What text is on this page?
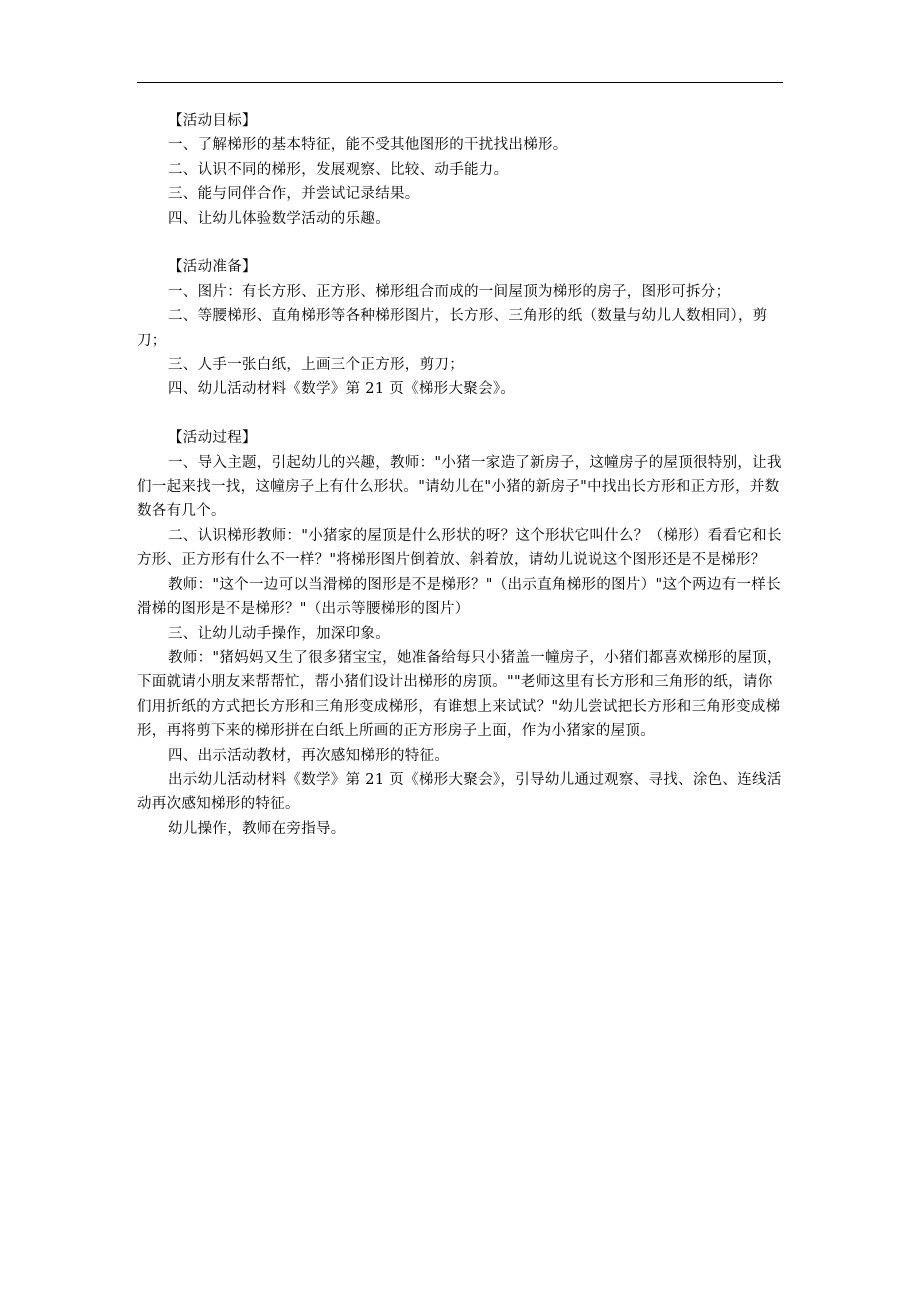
【活动目标】

一、了解梯形的基本特征，能不受其他图形的干扰找出梯形。

二、认识不同的梯形，发展观察、比较、动手能力。

三、能与同伴合作，并尝试记录结果。

四、让幼儿体验数学活动的乐趣。

【活动准备】

一、图片：有长方形、正方形、梯形组合而成的一间屋顶为梯形的房子，图形可拆分；

二、等腰梯形、直角梯形等各种梯形图片，长方形、三角形的纸（数量与幼儿人数相同），剪刀；

三、人手一张白纸，上画三个正方形，剪刀；

四、幼儿活动材料《数学》第 21 页《梯形大聚会》。

【活动过程】

一、导入主题，引起幼儿的兴趣，教师："小猪一家造了新房子，这幢房子的屋顶很特别，让我们一起来找一找，这幢房子上有什么形状。"请幼儿在"小猪的新房子"中找出长方形和正方形，并数数各有几个。

二、认识梯形教师："小猪家的屋顶是什么形状的呀？这个形状它叫什么？（梯形）看看它和长方形、正方形有什么不一样？"将梯形图片倒着放、斜着放，请幼儿说说这个图形还是不是梯形？

教师："这个一边可以当滑梯的图形是不是梯形？"（出示直角梯形的图片）"这个两边有一样长滑梯的图形是不是梯形？"（出示等腰梯形的图片）

三、让幼儿动手操作，加深印象。

教师："猪妈妈又生了很多猪宝宝，她准备给每只小猪盖一幢房子，小猪们都喜欢梯形的屋顶，下面就请小朋友来帮帮忙，帮小猪们设计出梯形的房顶。""老师这里有长方形和三角形的纸，请你们用折纸的方式把长方形和三角形变成梯形，有谁想上来试试？"幼儿尝试把长方形和三角形变成梯形，再将剪下来的梯形拼在白纸上所画的正方形房子上面，作为小猪家的屋顶。

四、出示活动教材，再次感知梯形的特征。

出示幼儿活动材料《数学》第 21 页《梯形大聚会》，引导幼儿通过观察、寻找、涂色、连线活动再次感知梯形的特征。

幼儿操作，教师在旁指导。
